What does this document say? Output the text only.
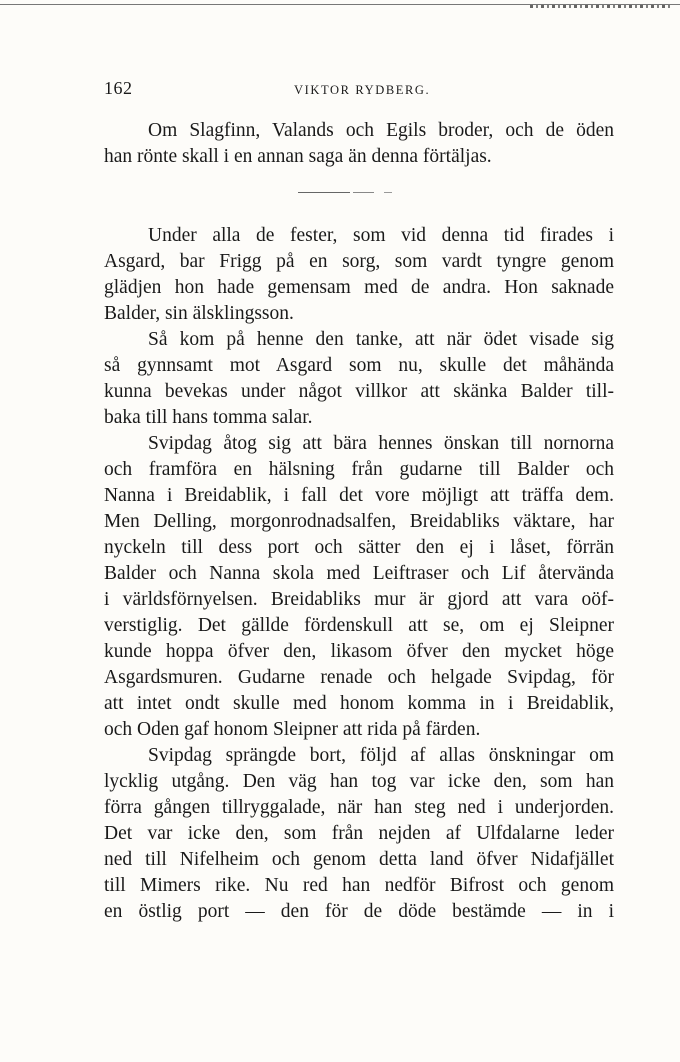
162	VIKTOR RYDBERG.
Om Slagfinn, Valands och Egils broder, och de öden
han rönte skall i en annan saga än denna förtäljas.
Under alla de fester, som vid denna tid firades i
Asgard, bar Frigg på en sorg, som vardt tyngre genom
glädjen hon hade gemensam med de andra. Hon saknade
Balder, sin älsklingsson.
Så kom på henne den tanke, att när ödet visade sig
så gynnsamt mot Asgard som nu, skulle det måhända
kunna bevekas under något villkor att skänka Balder till-
baka till hans tomma salar.
Svipdag åtog sig att bära hennes önskan till nornorna
och framföra en hälsning från gudarne till Balder och
Nanna i Breidablik, i fall det vore möjligt att träffa dem.
Men Delling, morgonrodnadsalfen, Breidabliks väktare, har
nyckeln till dess port och sätter den ej i låset, förrän
Balder och Nanna skola med Leiftraser och Lif återvända
i världsförnyelsen. Breidabliks mur är gjord att vara oöf-
verstiglig. Det gällde fördenskull att se, om ej Sleipner
kunde hoppa öfver den, likasom öfver den mycket höge
Asgardsmuren. Gudarne renade och helgade Svipdag, för
att intet ondt skulle med honom komma in i Breidablik,
och Oden gaf honom Sleipner att rida på färden.
Svipdag sprängde bort, följd af allas önskningar om
lycklig utgång. Den väg han tog var icke den, som han
förra gången tillryggalade, när han steg ned i underjorden.
Det var icke den, som från nejden af Ulfdalarne leder
ned till Nifelheim och genom detta land öfver Nidafjället
till Mimers rike. Nu red han nedför Bifrost och genom
en östlig port — den för de döde bestämde — in i
